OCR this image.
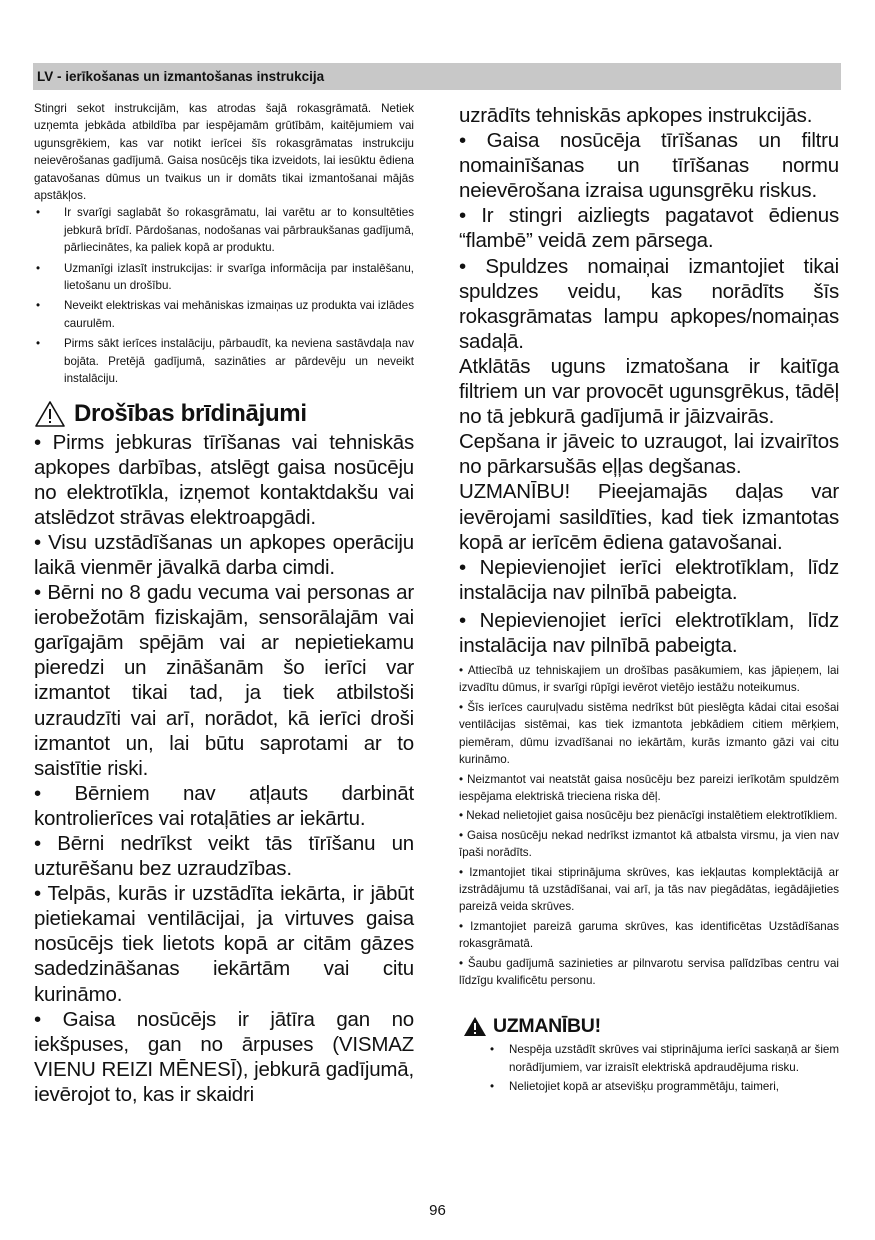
LV - ierīkošanas un izmantošanas instrukcija

Stingri sekot instrukcijām, kas atrodas šajā rokasgrāmatā. Netiek uzņemta jebkāda atbildība par iespējamām grūtībām, kaitējumiem vai ugunsgrēkiem, kas var notikt ierīcei šīs rokasgrāmatas instrukciju neievērošanas gadījumā. Gaisa nosūcējs tika izveidots, lai iesūktu ēdiena gatavošanas dūmus un tvaikus un ir domāts tikai izmantošanai mājās apstākļos.

• Ir svarīgi saglabāt šo rokasgrāmatu, lai varētu ar to konsultēties jebkurā brīdī. Pārdošanas, nodošanas vai pārbraukšanas gadījumā, pārliecinātes, ka paliek kopā ar produktu.
• Uzmanīgi izlasīt instrukcijas: ir svarīga informācija par instalēšanu, lietošanu un drošību.
• Neveikt elektriskas vai mehāniskas izmaiņas uz produkta vai izlādes caurulēm.
• Pirms sākt ierīces instalāciju, pārbaudīt, ka neviena sastāvdaļa nav bojāta. Pretējā gadījumā, sazināties ar pārdevēju un neveikt instalāciju.
Drošības brīdinājumi

• Pirms jebkuras tīrīšanas vai tehniskās apkopes darbības, atslēgt gaisa nosūcēju no elektrotīkla, izņemot kontaktdakšu vai atslēdzot strāvas elektroapgādi.

• Visu uzstādīšanas un apkopes operāciju laikā vienmēr jāvalkā darba cimdi.

• Bērni no 8 gadu vecuma vai personas ar ierobežotām fiziskajām, sensorālajām vai garīgajām spējām vai ar nepietiekamu pieredzi un zināšanām šo ierīci var izmantot tikai tad, ja tiek atbilstoši uzraudzīti vai arī, norādot, kā ierīci droši izmantot un, lai būtu saprotami ar to saistītie riski.

• Bērniem nav atļauts darbināt kontrolierīces vai rotaļāties ar iekārtu.

• Bērni nedrīkst veikt tās tīrīšanu un uzturēšanu bez uzraudzības.

• Telpās, kurās ir uzstādīta iekārta, ir jābūt pietiekamai ventilācijai, ja virtuves gaisa nosūcējs tiek lietots kopā ar citām gāzes sadedzināšanas iekārtām vai citu kurināmo.

• Gaisa nosūcējs ir jātīra gan no iekšpuses, gan no ārpuses (VISMAZ VIENU REIZI MĒNESĪ), jebkurā gadījumā, ievērojot to, kas ir skaidri

uzrādīts tehniskās apkopes instrukcijās.

• Gaisa nosūcēja tīrīšanas un filtru nomainīšanas un tīrīšanas normu neievērošana izraisa ugunsgrēku riskus.

• Ir stingri aizliegts pagatavot ēdienus “flambē” veidā zem pārsega.

• Spuldzes nomaiņai izmantojiet tikai spuldzes veidu, kas norādīts šīs rokasgrāmatas lampu apkopes/nomaiņas sadaļā.

Atklātās uguns izmatošana ir kaitīga filtriem un var provocēt ugunsgrēkus, tādēļ no tā jebkurā gadījumā ir jāizvairās.

Cepšana ir jāveic to uzraugot, lai izvairītos no pārkarsušās eļļas degšanas.

UZMANĪBU! Pieejamajās daļas var ievērojami sasildīties, kad tiek izmantotas kopā ar ierīcēm ēdiena gatavošanai.

• Nepievienojiet ierīci elektrotīklam, līdz instalācija nav pilnībā pabeigta.

• Nepievienojiet ierīci elektrotīklam, līdz instalācija nav pilnībā pabeigta.

• Attiecībā uz tehniskajiem un drošības pasākumiem, kas jāpieņem, lai izvadītu dūmus, ir svarīgi rūpīgi ievērot vietējo iestāžu noteikumus.

• Šīs ierīces cauruļvadu sistēma nedrīkst būt pieslēgta kādai citai esošai ventilācijas sistēmai, kas tiek izmantota jebkādiem citiem mērķiem, piemēram, dūmu izvadīšanai no iekārtām, kurās izmanto gāzi vai citu kurināmo.

• Neizmantot vai neatstāt gaisa nosūcēju bez pareizi ierīkotām spuldzēm iespējama elektriskā trieciena riska dēļ.

• Nekad nelietojiet gaisa nosūcēju bez pienācīgi instalētiem elektrotīkliem.

• Gaisa nosūcēju nekad nedrīkst izmantot kā atbalsta virsmu, ja vien nav īpaši norādīts.

• Izmantojiet tikai stiprinājuma skrūves, kas iekļautas komplektācijā ar izstrādājumu tā uzstādīšanai, vai arī, ja tās nav piegādātas, iegādājieties pareizā veida skrūves.

• Izmantojiet pareizā garuma skrūves, kas identificētas Uzstādīšanas rokasgrāmatā.

• Šaubu gadījumā sazinieties ar pilnvarotu servisa palīdzības centru vai līdzīgu kvalificētu personu.

UZMANĪBU!
• Nespēja uzstādīt skrūves vai stiprinājuma ierīci saskaņā ar šiem norādījumiem, var izraisīt elektriskā apdraudējuma risku.
• Nelietojiet kopā ar atsevišķu programmētāju, taimeri,
96
